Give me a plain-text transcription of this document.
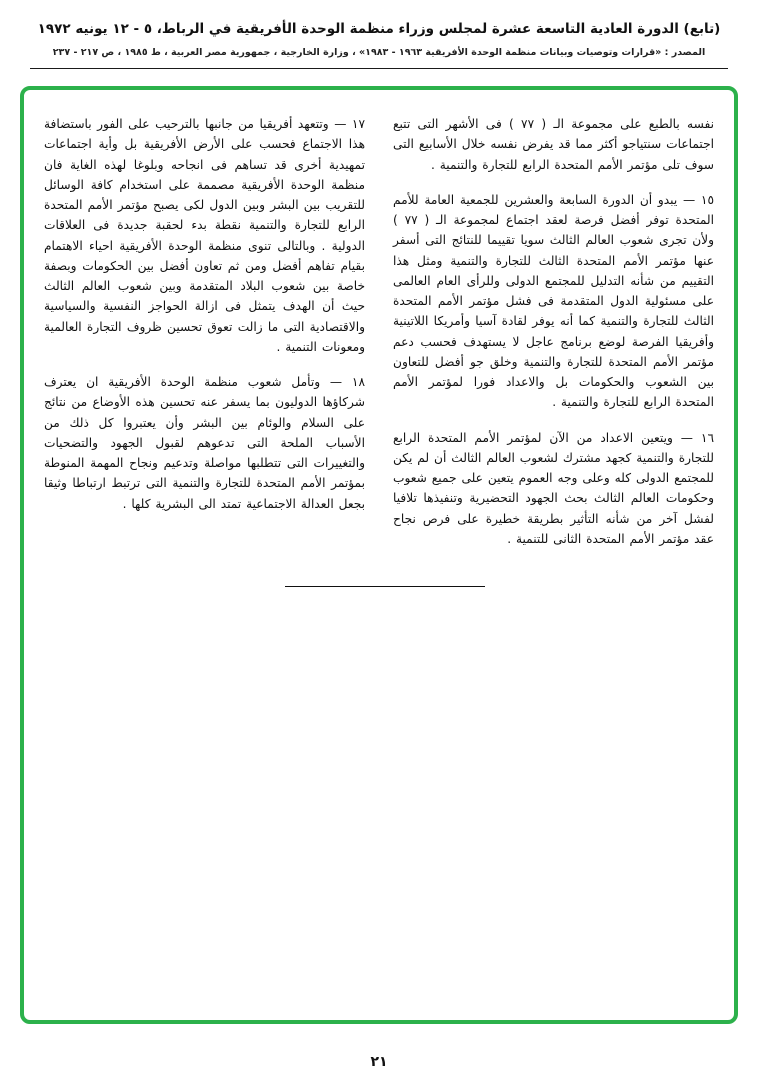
(تابع) الدورة العادية التاسعة عشرة لمجلس وزراء منظمة الوحدة الأفريقية في الرباط، ٥ - ١٢ يونيه ١٩٧٢
المصدر : «قرارات وتوصيات وبيانات منظمة الوحدة الأفريقية ١٩٦٣ - ١٩٨٣» ، وزارة الخارجية ، جمهورية مصر العربية ، ط ١٩٨٥ ، ص ٢١٧ - ٢٣٧

نفسه بالطبع على مجموعة الـ ( ٧٧ ) فى الأشهر التى تتبع اجتماعات سنتياجو أكثر مما قد يفرض نفسه خلال الأسابيع التى سوف تلى مؤتمر الأمم المتحدة الرابع للتجارة والتنمية .

١٥ — يبدو أن الدورة السابعة والعشرين للجمعية العامة للأمم المتحدة توفر أفضل فرصة لعقد اجتماع لمجموعة الـ ( ٧٧ ) ولأن تجرى شعوب العالم الثالث سويا تقييما للنتائج التى أسفر عنها مؤتمر الأمم المتحدة الثالث للتجارة والتنمية ومثل هذا التقييم من شأنه التدليل للمجتمع الدولى وللرأى العام العالمى على مسئولية الدول المتقدمة فى فشل مؤتمر الأمم المتحدة الثالث للتجارة والتنمية كما أنه يوفر لقادة آسيا وأمريكا اللاتينية وأفريقيا الفرصة لوضع برنامج عاجل لا يستهدف فحسب دعم مؤتمر الأمم المتحدة للتجارة والتنمية وخلق جو أفضل للتعاون بين الشعوب والحكومات بل والاعداد فورا لمؤتمر الأمم المتحدة الرابع للتجارة والتنمية .

١٦ — ويتعين الاعداد من الآن لمؤتمر الأمم المتحدة الرابع للتجارة والتنمية كجهد مشترك لشعوب العالم الثالث أن لم يكن للمجتمع الدولى كله وعلى وجه العموم يتعين على جميع شعوب وحكومات العالم الثالث بحث الجهود التحضيرية وتنفيذها تلافيا لفشل آخر من شأنه التأثير بطريقة خطيرة على فرص نجاح عقد مؤتمر الأمم المتحدة الثانى للتنمية .

١٧ — وتتعهد أفريقيا من جانبها بالترحيب على الفور باستضافة هذا الاجتماع فحسب على الأرض الأفريقية بل وأية اجتماعات تمهيدية أخرى قد تساهم فى انجاحه وبلوغا لهذه الغاية فان منظمة الوحدة الأفريقية مصممة على استخدام كافة الوسائل للتقريب بين البشر وبين الدول لكى يصبح مؤتمر الأمم المتحدة الرابع للتجارة والتنمية نقطة بدء لحقبة جديدة فى العلاقات الدولية . وبالتالى تنوى منظمة الوحدة الأفريقية احياء الاهتمام بقيام تفاهم أفضل ومن ثم تعاون أفضل بين الحكومات وبصفة خاصة بين شعوب البلاد المتقدمة وبين شعوب العالم الثالث حيث أن الهدف يتمثل فى ازالة الحواجز النفسية والسياسية والاقتصادية التى ما زالت تعوق تحسين ظروف التجارة العالمية ومعونات التنمية .

١٨ — وتأمل شعوب منظمة الوحدة الأفريقية ان يعترف شركاؤها الدوليون بما يسفر عنه تحسين هذه الأوضاع من نتائج على السلام والوئام بين البشر وأن يعتبروا كل ذلك من الأسباب الملحة التى تدعوهم لقبول الجهود والتضحيات والتغييرات التى تتطلبها مواصلة وتدعيم ونجاح المهمة المنوطة بمؤتمر الأمم المتحدة للتجارة والتنمية التى ترتبط ارتباطا وثيقا بجعل العدالة الاجتماعية تمتد الى البشرية كلها .

٢١
